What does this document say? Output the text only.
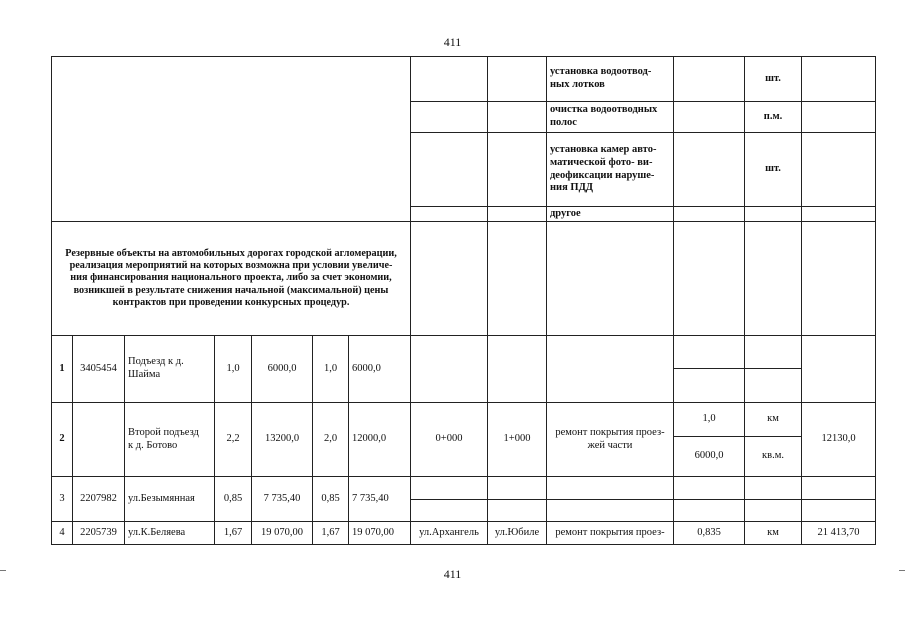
411
									установка водоотвод-
ных лотков		шт.	
									очистка водоотводных
полос		п.м.	
									установка камер авто-
матической фото- ви-
деофиксации наруше-
ния ПДД		шт.	
									другое			
Резервные объекты на автомобильных дорогах городской агломерации,
реализация мероприятий на которых возможна при условии увеличе-
ния финансирования национального проекта, либо за счет экономии,
возникшей в результате снижения начальной (максимальной) цены
контрактов при проведении конкурсных процедур.												
1	3405454	Подъезд к д.
Шайма	1,0	6000,0	1,0	6000,0						

2		Второй подъезд
к д. Ботово	2,2	13200,0	2,0	12000,0	0+000	1+000	ремонт покрытия проез-
жей части	1,0	км	12130,0
										6000,0	кв.м.	
3	2207982	ул.Безымянная	0,85	7 735,40	0,85	7 735,40						

4	2205739	ул.К.Беляева	1,67	19 070,00	1,67	19 070,00	ул.Архангель	ул.Юбиле	ремонт покрытия проез-	0,835	км	21 413,70
411
